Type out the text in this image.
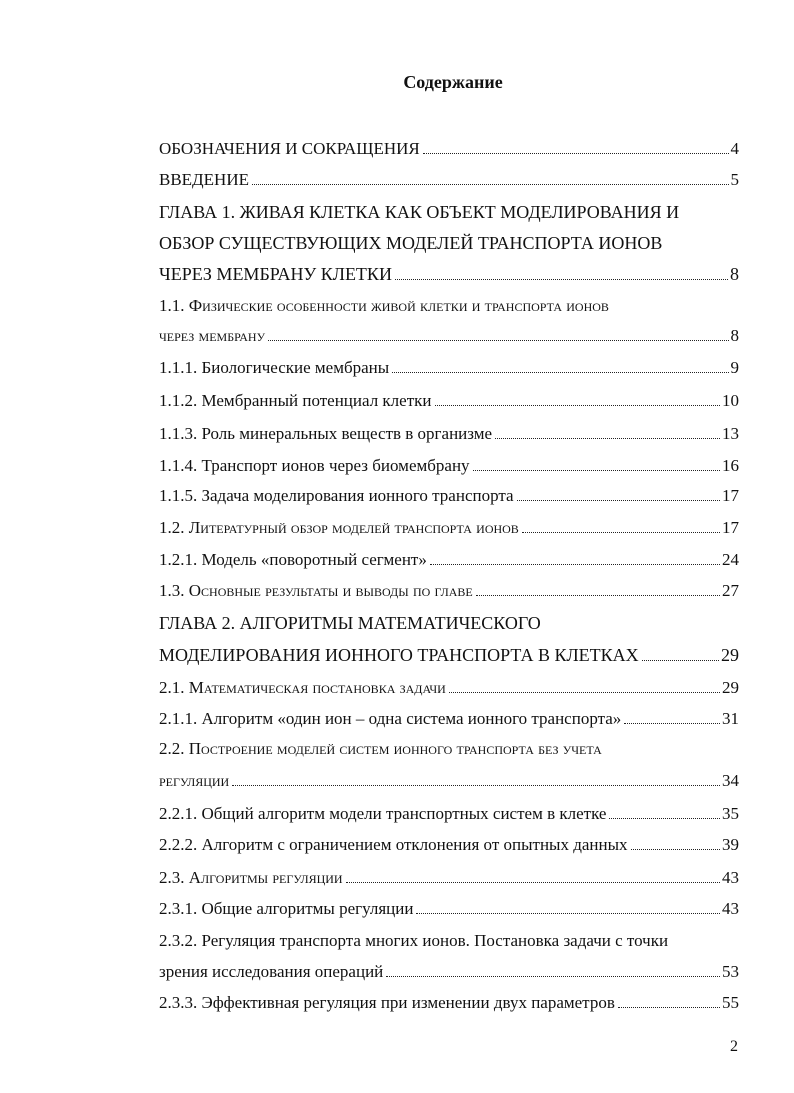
Содержание
ОБОЗНАЧЕНИЯ И СОКРАЩЕНИЯ	4
ВВЕДЕНИЕ	5
ГЛАВА 1. ЖИВАЯ КЛЕТКА КАК ОБЪЕКТ МОДЕЛИРОВАНИЯ И
ОБЗОР СУЩЕСТВУЮЩИХ МОДЕЛЕЙ ТРАНСПОРТА ИОНОВ
ЧЕРЕЗ МЕМБРАНУ КЛЕТКИ	8
1.1. Физические особенности живой клетки и транспорта ионов
через мембрану	8
1.1.1. Биологические мембраны	9
1.1.2. Мембранный потенциал клетки	10
1.1.3. Роль минеральных веществ в организме	13
1.1.4. Транспорт ионов через биомембрану	16
1.1.5. Задача моделирования ионного транспорта	17
1.2. Литературный обзор моделей транспорта ионов	17
1.2.1. Модель «поворотный сегмент»	24
1.3. Основные результаты и выводы по главе	27
ГЛАВА 2. АЛГОРИТМЫ МАТЕМАТИЧЕСКОГО
МОДЕЛИРОВАНИЯ ИОННОГО ТРАНСПОРТА В КЛЕТКАХ	29
2.1. Математическая постановка задачи	29
2.1.1. Алгоритм «один ион – одна система ионного транспорта»	31
2.2. Построение моделей систем ионного транспорта без учета
регуляции	34
2.2.1. Общий алгоритм модели транспортных систем в клетке	35
2.2.2. Алгоритм с ограничением отклонения от опытных данных	39
2.3. Алгоритмы регуляции	43
2.3.1. Общие алгоритмы регуляции	43
2.3.2. Регуляция транспорта многих ионов. Постановка задачи с точки
зрения исследования операций	53
2.3.3. Эффективная регуляция при изменении двух параметров	55
2
